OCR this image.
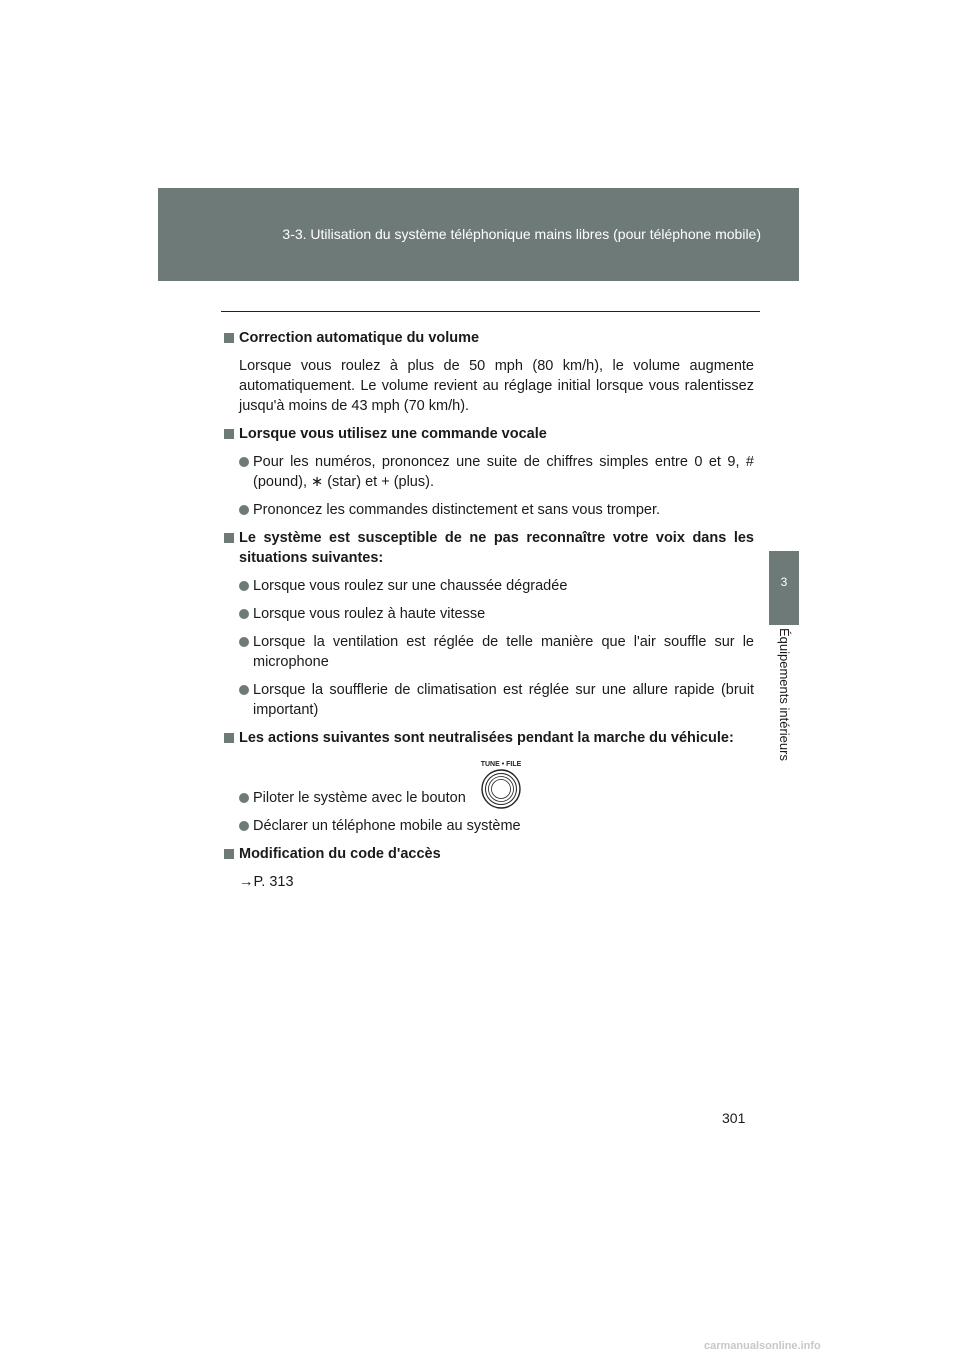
3-3. Utilisation du système téléphonique mains libres (pour téléphone mobile)
3
Équipements intérieurs
Correction automatique du volume
Lorsque vous roulez à plus de 50 mph (80 km/h), le volume augmente automatiquement. Le volume revient au réglage initial lorsque vous ralentissez jusqu'à moins de 43 mph (70 km/h).
Lorsque vous utilisez une commande vocale
Pour les numéros, prononcez une suite de chiffres simples entre 0 et 9, # (pound), ∗ (star) et + (plus).
Prononcez les commandes distinctement et sans vous tromper.
Le système est susceptible de ne pas reconnaître votre voix dans les situations suivantes:
Lorsque vous roulez sur une chaussée dégradée
Lorsque vous roulez à haute vitesse
Lorsque la ventilation est réglée de telle manière que l'air souffle sur le microphone
Lorsque la soufflerie de climatisation est réglée sur une allure rapide (bruit important)
Les actions suivantes sont neutralisées pendant la marche du véhicule:
Piloter le système avec le bouton
TUNE • FILE
Déclarer un téléphone mobile au système
Modification du code d'accès
→P. 313
301
carmanualsonline.info
